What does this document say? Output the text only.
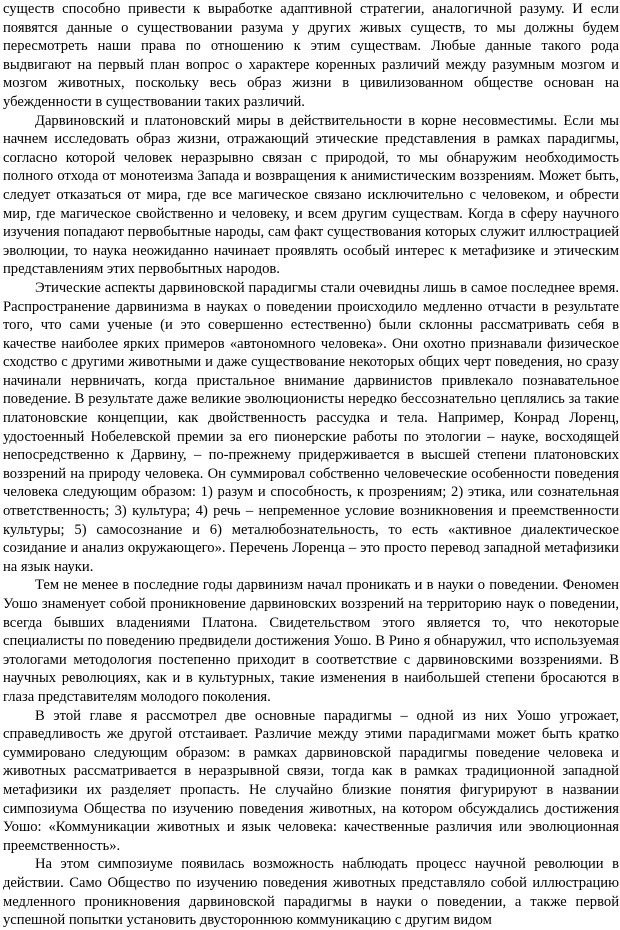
существ способно привести к выработке адаптивной стратегии, аналогичной разуму. И если появятся данные о существовании разума у других живых существ, то мы должны будем пересмотреть наши права по отношению к этим существам. Любые данные такого рода выдвигают на первый план вопрос о характере коренных различий между разумным мозгом и мозгом животных, поскольку весь образ жизни в цивилизованном обществе основан на убежденности в существовании таких различий.

Дарвиновский и платоновский миры в действительности в корне несовместимы. Если мы начнем исследовать образ жизни, отражающий этические представления в рамках парадигмы, согласно которой человек неразрывно связан с природой, то мы обнаружим необходимость полного отхода от монотеизма Запада и возвращения к анимистическим воззрениям. Может быть, следует отказаться от мира, где все магическое связано исключительно с человеком, и обрести мир, где магическое свойственно и человеку, и всем другим существам. Когда в сферу научного изучения попадают первобытные народы, сам факт существования которых служит иллюстрацией эволюции, то наука неожиданно начинает проявлять особый интерес к метафизике и этическим представлениям этих первобытных народов.

Этические аспекты дарвиновской парадигмы стали очевидны лишь в самое последнее время. Распространение дарвинизма в науках о поведении происходило медленно отчасти в результате того, что сами ученые (и это совершенно естественно) были склонны рассматривать себя в качестве наиболее ярких примеров «автономного человека». Они охотно признавали физическое сходство с другими животными и даже существование некоторых общих черт поведения, но сразу начинали нервничать, когда пристальное внимание дарвинистов привлекало познавательное поведение. В результате даже великие эволюционисты нередко бессознательно цеплялись за такие платоновские концепции, как двойственность рассудка и тела. Например, Конрад Лоренц, удостоенный Нобелевской премии за его пионерские работы по этологии – науке, восходящей непосредственно к Дарвину, – по-прежнему придерживается в высшей степени платоновских воззрений на природу человека. Он суммировал собственно человеческие особенности поведения человека следующим образом: 1) разум и способность, к прозрениям; 2) этика, или сознательная ответственность; 3) культура; 4) речь – непременное условие возникновения и преемственности культуры; 5) самосознание и 6) металюбознательность, то есть «активное диалектическое созидание и анализ окружающего». Перечень Лоренца – это просто перевод западной метафизики на язык науки.

Тем не менее в последние годы дарвинизм начал проникать и в науки о поведении. Феномен Уошо знаменует собой проникновение дарвиновских воззрений на территорию наук о поведении, всегда бывших владениями Платона. Свидетельством этого является то, что некоторые специалисты по поведению предвидели достижения Уошо. В Рино я обнаружил, что используемая этологами методология постепенно приходит в соответствие с дарвиновскими воззрениями. В научных революциях, как и в культурных, такие изменения в наибольшей степени бросаются в глаза представителям молодого поколения.

В этой главе я рассмотрел две основные парадигмы – одной из них Уошо угрожает, справедливость же другой отстаивает. Различие между этими парадигмами может быть кратко суммировано следующим образом: в рамках дарвиновской парадигмы поведение человека и животных рассматривается в неразрывной связи, тогда как в рамках традиционной западной метафизики их разделяет пропасть. Не случайно близкие понятия фигурируют в названии симпозиума Общества по изучению поведения животных, на котором обсуждались достижения Уошо: «Коммуникации животных и язык человека: качественные различия или эволюционная преемственность».

На этом симпозиуме появилась возможность наблюдать процесс научной революции в действии. Само Общество по изучению поведения животных представляло собой иллюстрацию медленного проникновения дарвиновской парадигмы в науки о поведении, а также первой успешной попытки установить двустороннюю коммуникацию с другим видом
